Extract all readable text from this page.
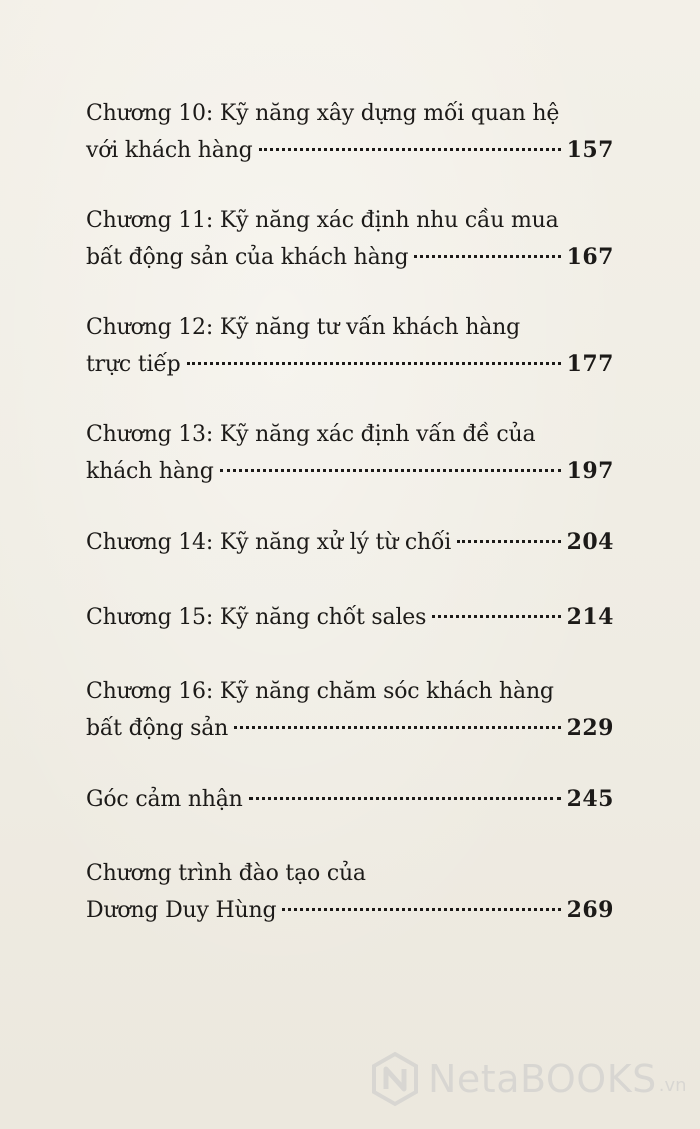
Chương 10: Kỹ năng xây dựng mối quan hệ
với khách hàng	157
Chương 11: Kỹ năng xác định nhu cầu mua
bất động sản của khách hàng	167
Chương 12: Kỹ năng tư vấn khách hàng
trực tiếp	177
Chương 13: Kỹ năng xác định vấn đề của
khách hàng	197
Chương 14: Kỹ năng xử lý từ chối	204
Chương 15: Kỹ năng chốt sales	214
Chương 16: Kỹ năng chăm sóc khách hàng
bất động sản	229
Góc cảm nhận	245
Chương trình đào tạo của
Dương Duy Hùng	269
NetaBOOKS .vn
